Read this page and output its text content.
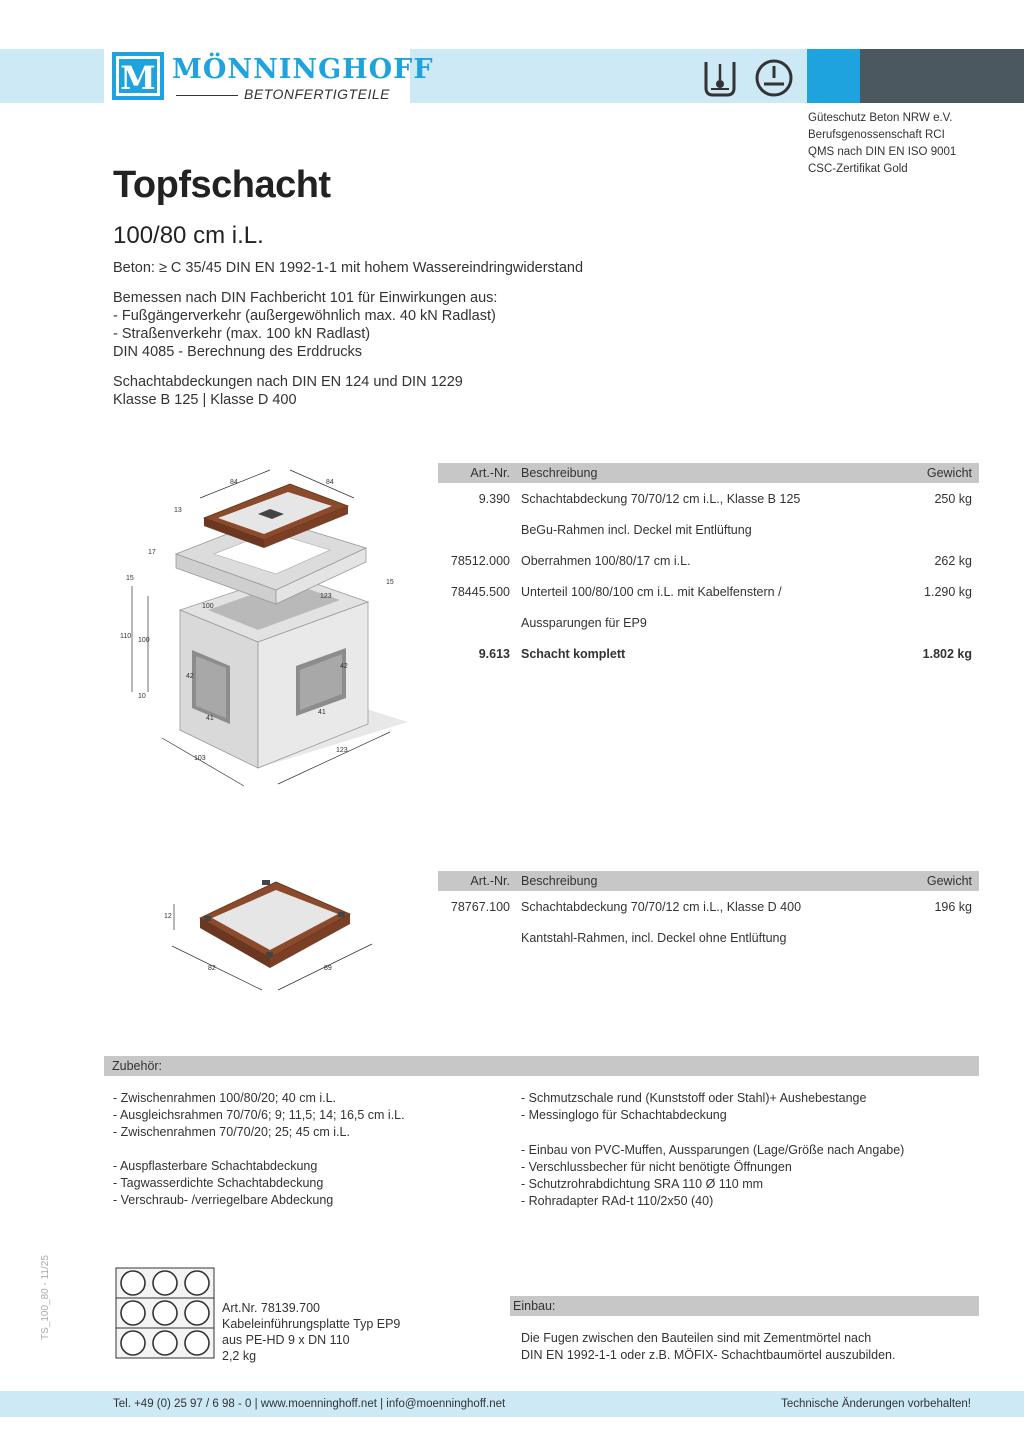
M MÖNNINGHOFF
BETONFERTIGTEILE
Güteschutz Beton NRW e.V.
Berufsgenossenschaft RCI
QMS nach DIN EN ISO 9001
CSC-Zertifikat Gold
Topfschacht
100/80 cm i.L.
Beton: ≥ C 35/45 DIN EN 1992-1-1 mit hohem Wassereindringwiderstand
Bemessen nach DIN Fachbericht 101 für Einwirkungen aus:
- Fußgängerverkehr (außergewöhnlich max. 40 kN Radlast)
- Straßenverkehr (max. 100 kN Radlast)
DIN 4085 - Berechnung des Erddrucks
Schachtabdeckungen nach DIN EN 124 und DIN 1229
Klasse B 125 | Klasse D 400
84	84
13
17
15
15
110
100
100
123
42
10
42
41
41
103
123
Art.-Nr. Beschreibung	Gewicht
9.390 Schachtabdeckung 70/70/12 cm i.L., Klasse B 125	250 kg
BeGu-Rahmen incl. Deckel mit Entlüftung
78512.000 Oberrahmen 100/80/17 cm i.L.	262 kg
78445.500 Unterteil 100/80/100 cm i.L. mit Kabelfenstern /	1.290 kg
Aussparungen für EP9
9.613 Schacht komplett	1.802 kg
12
82	89
Art.-Nr. Beschreibung	Gewicht
78767.100 Schachtabdeckung 70/70/12 cm i.L., Klasse D 400	196 kg
Kantstahl-Rahmen, incl. Deckel ohne Entlüftung
Zubehör:
- Zwischenrahmen 100/80/20; 40 cm i.L.
- Ausgleichsrahmen 70/70/6; 9; 11,5; 14; 16,5 cm i.L.
- Zwischenrahmen 70/70/20; 25; 45 cm i.L.
- Auspflasterbare Schachtabdeckung
- Tagwasserdichte Schachtabdeckung
- Verschraub- /verriegelbare Abdeckung
- Schmutzschale rund (Kunststoff oder Stahl)+ Aushebestange
- Messinglogo für Schachtabdeckung
- Einbau von PVC-Muffen, Aussparungen (Lage/Größe nach Angabe)
- Verschlussbecher für nicht benötigte Öffnungen
- Schutzrohrabdichtung SRA 110 Ø 110 mm
- Rohradapter RAd-t 110/2x50 (40)
Art.Nr. 78139.700
Kabeleinführungsplatte Typ EP9
aus PE-HD 9 x DN 110
2,2 kg
Einbau:
Die Fugen zwischen den Bauteilen sind mit Zementmörtel nach
DIN EN 1992-1-1 oder z.B. MÖFIX- Schachtbaumörtel auszubilden.
TS_100_80 - 11/25
Tel. +49 (0) 25 97 / 6 98 - 0 | www.moenninghoff.net | info@moenninghoff.net	Technische Änderungen vorbehalten!
